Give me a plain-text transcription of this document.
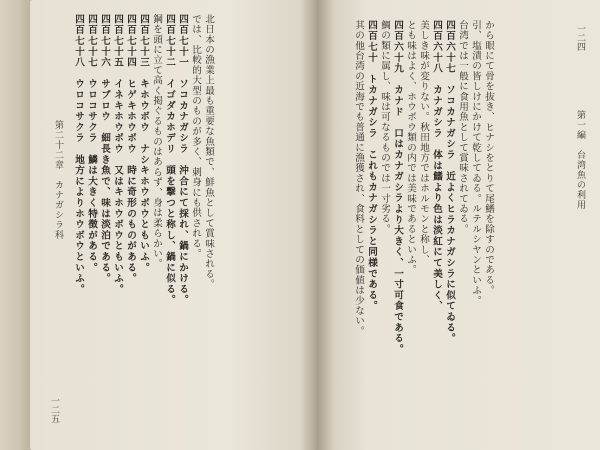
一二五
北日本の漁業上最も重要な魚類で、鮮魚として賞味される。
では、比較的大型のものが多く、刺身にも供される。
四百七十一　ソコカナガシラ　沖合にて採れ、鍋にかける。
四百七十二　イゴダカホデリ　頭を撃つと称し、鍋に似る。
鋼を頭に立て高く掲ぐるものはあらず、身は柔らかい。
四百七十三　キホウボウ　ナシキホウボウともいふ。
四百七十四　ヒゲキホウボウ　時に奇形のものがある。
四百七十五　イネキホウボウ　又はキホウボウともいふ。
四百七十六　サブロウ　細長き魚で、味は淡泊である。
四百七十七　ウロコサクラ　鱗は大きく特徴がある。
四百七十八　ウロコサクラ　地方によりホウボウといふ。
第二十二章　カナガシラ科	から眼にて骨を抜き、ヒナシをとりて尾鰭を除すのである。
引、塩漬の皆しけにかけて乾してゐる。ルテルシヤンといふ。
台湾では一般に食用魚として賞味されてゐる。
四百六十七　ソコカナガシラ　近よくヒラカナガシラに似てゐる。
四百六十八　カナガシラ　体は鰭より色は淡紅にて美しく、
美しき味が変りない。秋田地方ではホルモンと称し、
とも味はよく、ホウボウ類の内では美味であるといふ。
四百六十九　カナド　口はカナガシラより大きく、一寸可食である。
鯛の類に属し、味は可なるものでは一寸劣る。
四百七十　トカナガシラ　これもカナガシラと同様である。
其の他台湾の近海でも普通に漁獲され、食料としての価値は少ない。	第一編　台湾魚の利用
一二四
